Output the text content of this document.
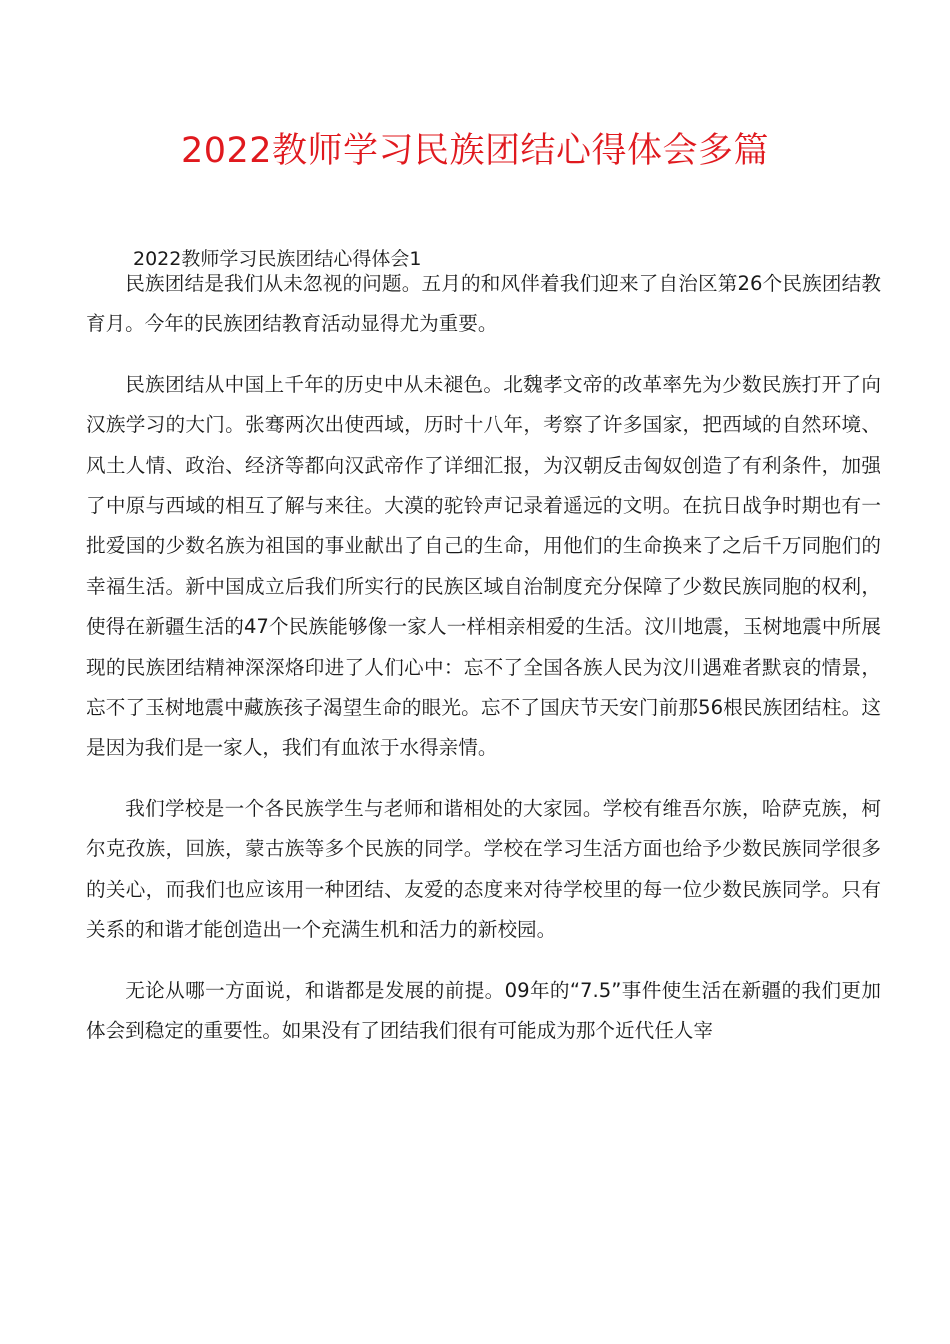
2022教师学习民族团结心得体会多篇
2022教师学习民族团结心得体会1

民族团结是我们从未忽视的问题。五月的和风伴着我们迎来了自治区第26个民族团结教育月。今年的民族团结教育活动显得尤为重要。

民族团结从中国上千年的历史中从未褪色。北魏孝文帝的改革率先为少数民族打开了向汉族学习的大门。张骞两次出使西域，历时十八年，考察了许多国家，把西域的自然环境、风土人情、政治、经济等都向汉武帝作了详细汇报，为汉朝反击匈奴创造了有利条件，加强了中原与西域的相互了解与来往。大漠的驼铃声记录着遥远的文明。在抗日战争时期也有一批爱国的少数名族为祖国的事业献出了自己的生命，用他们的生命换来了之后千万同胞们的幸福生活。新中国成立后我们所实行的民族区域自治制度充分保障了少数民族同胞的权利，使得在新疆生活的47个民族能够像一家人一样相亲相爱的生活。汶川地震，玉树地震中所展现的民族团结精神深深烙印进了人们心中：忘不了全国各族人民为汶川遇难者默哀的情景，忘不了玉树地震中藏族孩子渴望生命的眼光。忘不了国庆节天安门前那56根民族团结柱。这是因为我们是一家人，我们有血浓于水得亲情。

我们学校是一个各民族学生与老师和谐相处的大家园。学校有维吾尔族，哈萨克族，柯尔克孜族，回族，蒙古族等多个民族的同学。学校在学习生活方面也给予少数民族同学很多的关心，而我们也应该用一种团结、友爱的态度来对待学校里的每一位少数民族同学。只有关系的和谐才能创造出一个充满生机和活力的新校园。

无论从哪一方面说，和谐都是发展的前提。09年的“7.5”事件使生活在新疆的我们更加体会到稳定的重要性。如果没有了团结我们很有可能成为那个近代任人宰
